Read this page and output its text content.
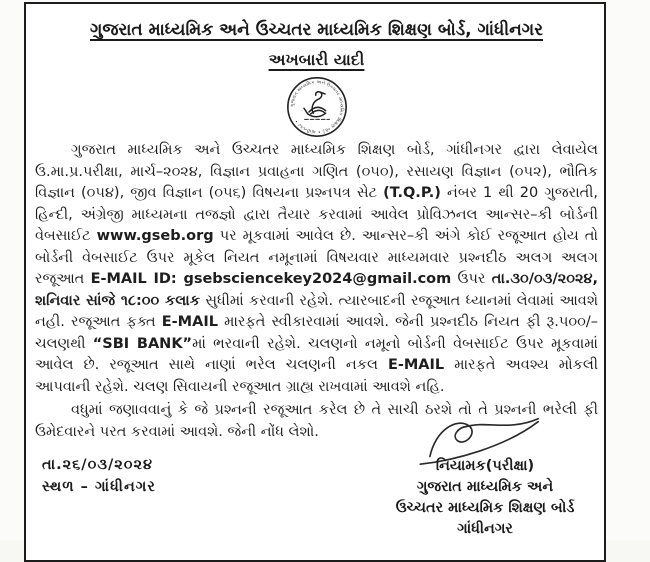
ગુજરાત માધ્યમિક અને ઉચ્ચતર માધ્યમિક શિક્ષણ બોર્ડ, ગાંધીનગર
અખબારી યાદી
ગુજરાત માધ્યમિક અને ઉચ્ચતર માધ્યમિક શિક્ષણ બોર્ડ • ગાંધીનગર •

ગુજરાત માધ્યમિક અને ઉચ્ચતર માધ્યમિક શિક્ષણ બોર્ડ, ગાંધીનગર દ્વારા લેવાયેલ ઉ.મા.પ્ર.પરીક્ષા, માર્ચ–૨૦૨૪, વિજ્ઞાન પ્રવાહના ગણિત (૦૫૦), રસાયણ વિજ્ઞાન (૦૫૨), ભૌતિક વિજ્ઞાન (૦૫૪), જીવ વિજ્ઞાન (૦૫૬) વિષયના પ્રશ્નપત્ર સેટ (T.Q.P.) નંબર 1 થી 20 ગુજરાતી, હિન્દી, અંગ્રેજી માધ્યમના તજજ્ઞો દ્વારા તૈયાર કરવામાં આવેલ પ્રોવિઝનલ આન્સર–કી બોર્ડની વેબસાઈટ www.gseb.org પર મૂકવામાં આવેલ છે. આન્સર–કી અંગે કોઈ રજૂઆત હોય તો બોર્ડની વેબસાઈટ ઉપર મૂકેલ નિયત નમૂનામાં વિષયવાર માધ્યમવાર પ્રશ્નદીઠ અલગ અલગ રજૂઆત E-MAIL ID: gsebsciencekey2024@gmail.com ઉપર તા.૩૦/૦૩/૨૦૨૪, શનિવાર સાંજે ૧૮:૦૦ કલાક સુધીમાં કરવાની રહેશે. ત્યારબાદની રજૂઆત ધ્યાનમાં લેવામાં આવશે નહી. રજૂઆત ફક્ત E-MAIL મારફતે સ્વીકારવામાં આવશે. જેની પ્રશ્નદીઠ નિયત ફી રૂ.૫૦૦/– ચલણથી “SBI BANK”માં ભરવાની રહેશે. ચલણનો નમૂનો બોર્ડની વેબસાઈટ ઉપર મૂકવામાં આવેલ છે. રજૂઆત સાથે નાણાં ભરેલ ચલણની નકલ E-MAIL મારફતે અવશ્ય મોકલી આપવાની રહેશે. ચલણ સિવાયની રજૂઆત ગ્રાહ્ય રાખવામાં આવશે નહિ.

વધુમાં જણાવવાનું કે જે પ્રશ્નની રજૂઆત કરેલ છે તે સાચી ઠરશે તો તે પ્રશ્નની ભરેલી ફી ઉમેદવારને પરત કરવામાં આવશે. જેની નોંધ લેશો.

તા.૨૬/૦૩/૨૦૨૪
સ્થળ – ગાંધીનગર
નિયામક(પરીક્ષા)
ગુજરાત માધ્યમિક અને
ઉચ્ચતર માધ્યમિક શિક્ષણ બોર્ડ
ગાંધીનગર
